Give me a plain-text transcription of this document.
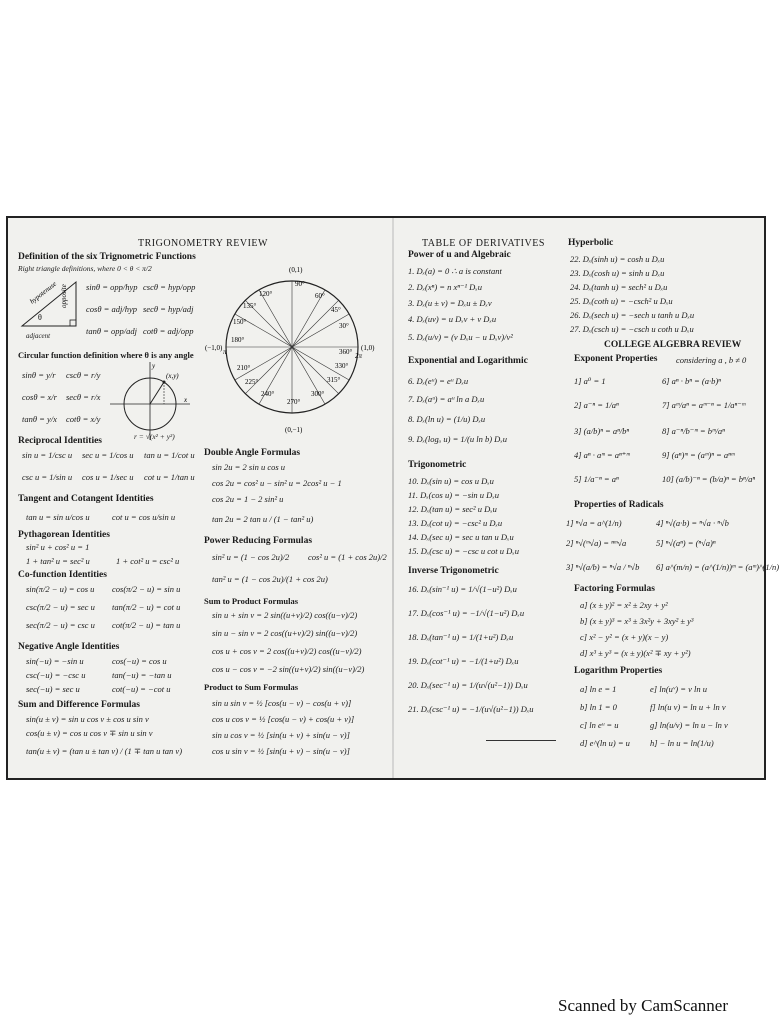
TRIGONOMETRY REVIEW
Definition of the six Trignometric Functions
Right triangle definitions, where 0 < θ < π/2
hypotenuse opposite
θ
adjacent
sinθ = opp/hyp cscθ = hyp/opp
cosθ = adj/hyp secθ = hyp/adj
tanθ = opp/adj cotθ = adj/opp
Circular function definition where θ is any angle
sinθ = y/r cscθ = r/y
cosθ = x/r secθ = r/x
tanθ = y/x cotθ = x/y
(x,y)
x
y
r = √(x² + y²)
(0,1)
(−1,0)	(1,0)
(0,−1)
90°
120°
135°
150°
180°
210°
225°
240°
270°
300°
315°
330°
360°
30°
45°
60°
π	2π
Reciprocal Identities
sin u = 1/csc u sec u = 1/cos u tan u = 1/cot u
csc u = 1/sin u cos u = 1/sec u cot u = 1/tan u
Tangent and Cotangent Identities
tan u = sin u/cos u	cot u = cos u/sin u
Pythagorean Identities
sin² u + cos² u = 1
1 + tan² u = sec² u	1 + cot² u = csc² u
Co-function Identities
sin(π/2 − u) = cos u cos(π/2 − u) = sin u
csc(π/2 − u) = sec u tan(π/2 − u) = cot u
sec(π/2 − u) = csc u cot(π/2 − u) = tan u
Negative Angle Identities
sin(−u) = −sin u	cos(−u) = cos u
csc(−u) = −csc u	tan(−u) = −tan u
sec(−u) = sec u	cot(−u) = −cot u
Sum and Difference Formulas
sin(u ± v) = sin u cos v ± cos u sin v
cos(u ± v) = cos u cos v ∓ sin u sin v
tan(u ± v) = (tan u ± tan v) / (1 ∓ tan u tan v)
Double Angle Formulas
sin 2u = 2 sin u cos u
cos 2u = cos² u − sin² u = 2cos² u − 1
cos 2u = 1 − 2 sin² u
tan 2u = 2 tan u / (1 − tan² u)
Power Reducing Formulas
sin² u = (1 − cos 2u)/2 cos² u = (1 + cos 2u)/2
tan² u = (1 − cos 2u)/(1 + cos 2u)
Sum to Product Formulas
sin u + sin v = 2 sin((u+v)/2) cos((u−v)/2)
sin u − sin v = 2 cos((u+v)/2) sin((u−v)/2)
cos u + cos v = 2 cos((u+v)/2) cos((u−v)/2)
cos u − cos v = −2 sin((u+v)/2) sin((u−v)/2)
Product to Sum Formulas
sin u sin v = ½ [cos(u − v) − cos(u + v)]
cos u cos v = ½ [cos(u − v) + cos(u + v)]
sin u cos v = ½ [sin(u + v) + sin(u − v)]
cos u sin v = ½ [sin(u + v) − sin(u − v)]
TABLE OF DERIVATIVES
Power of u and Algebraic
1. Dₓ(a) = 0 ∴ a is constant
2. Dₓ(xⁿ) = n xⁿ⁻¹ Dₓu
3. Dₓ(u ± v) = Dₓu ± Dₓv
4. Dₓ(uv) = u Dₓv + v Dₓu
5. Dₓ(u/v) = (v Dₓu − u Dₓv)/v²
Exponential and Logarithmic
6. Dₓ(eᵘ) = eᵘ Dₓu
7. Dₓ(aᵘ) = aᵘ ln a Dₓu
8. Dₓ(ln u) = (1/u) Dₓu
9. Dₓ(logₐ u) = 1/(u ln b) Dₓu
Trigonometric
10. Dₓ(sin u) = cos u Dₓu
11. Dₓ(cos u) = −sin u Dₓu
12. Dₓ(tan u) = sec² u Dₓu
13. Dₓ(cot u) = −csc² u Dₓu
14. Dₓ(sec u) = sec u tan u Dₓu
15. Dₓ(csc u) = −csc u cot u Dₓu
Inverse Trigonometric
16. Dₓ(sin⁻¹ u) = 1/√(1−u²) Dₓu
17. Dₓ(cos⁻¹ u) = −1/√(1−u²) Dₓu
18. Dₓ(tan⁻¹ u) = 1/(1+u²) Dₓu
19. Dₓ(cot⁻¹ u) = −1/(1+u²) Dₓu
20. Dₓ(sec⁻¹ u) = 1/(u√(u²−1)) Dₓu
21. Dₓ(csc⁻¹ u) = −1/(u√(u²−1)) Dₓu
Hyperbolic
22. Dₓ(sinh u) = cosh u Dₓu
23. Dₓ(cosh u) = sinh u Dₓu
24. Dₓ(tanh u) = sech² u Dₓu
25. Dₓ(coth u) = −csch² u Dₓu
26. Dₓ(sech u) = −sech u tanh u Dₓu
27. Dₓ(csch u) = −csch u coth u Dₓu
COLLEGE ALGEBRA REVIEW
Exponent Properties considering a , b ≠ 0
1] a⁰ = 1	6] aⁿ · bⁿ = (a·b)ⁿ
2] a⁻ⁿ = 1/aⁿ	7] aᵐ/aⁿ = aᵐ⁻ⁿ = 1/aⁿ⁻ᵐ
3] (a/b)ⁿ = aⁿ/bⁿ	8] a⁻ⁿ/b⁻ᵐ = bᵐ/aⁿ
4] aⁿ · aᵐ = aⁿ⁺ᵐ	9] (aⁿ)ᵐ = (aᵐ)ⁿ = aⁿᵐ
5] 1/a⁻ⁿ = aⁿ	10] (a/b)⁻ⁿ = (b/a)ⁿ = bⁿ/aⁿ
Properties of Radicals
1] ⁿ√a = a^(1/n)	4] ⁿ√(a·b) = ⁿ√a · ⁿ√b
2] ⁿ√(ᵐ√a) = ⁿᵐ√a	5] ⁿ√(aⁿ) = (ⁿ√a)ⁿ
3] ⁿ√(a/b) = ⁿ√a / ⁿ√b 6] a^(m/n) = (a^(1/n))ᵐ = (aᵐ)^(1/n)
Factoring Formulas
a] (x ± y)² = x² ± 2xy + y²
b] (x ± y)³ = x³ ± 3x²y + 3xy² ± y³
c] x² − y² = (x + y)(x − y)
d] x³ ± y³ = (x ± y)(x² ∓ xy + y²)
Logarithm Properties
a] ln e = 1	e] ln(uᵛ) = v ln u
b] ln 1 = 0	f] ln(u v) = ln u + ln v
c] ln eᵘ = u	g] ln(u/v) = ln u − ln v
d] e^(ln u) = u h] − ln u = ln(1/u)
Scanned by CamScanner
